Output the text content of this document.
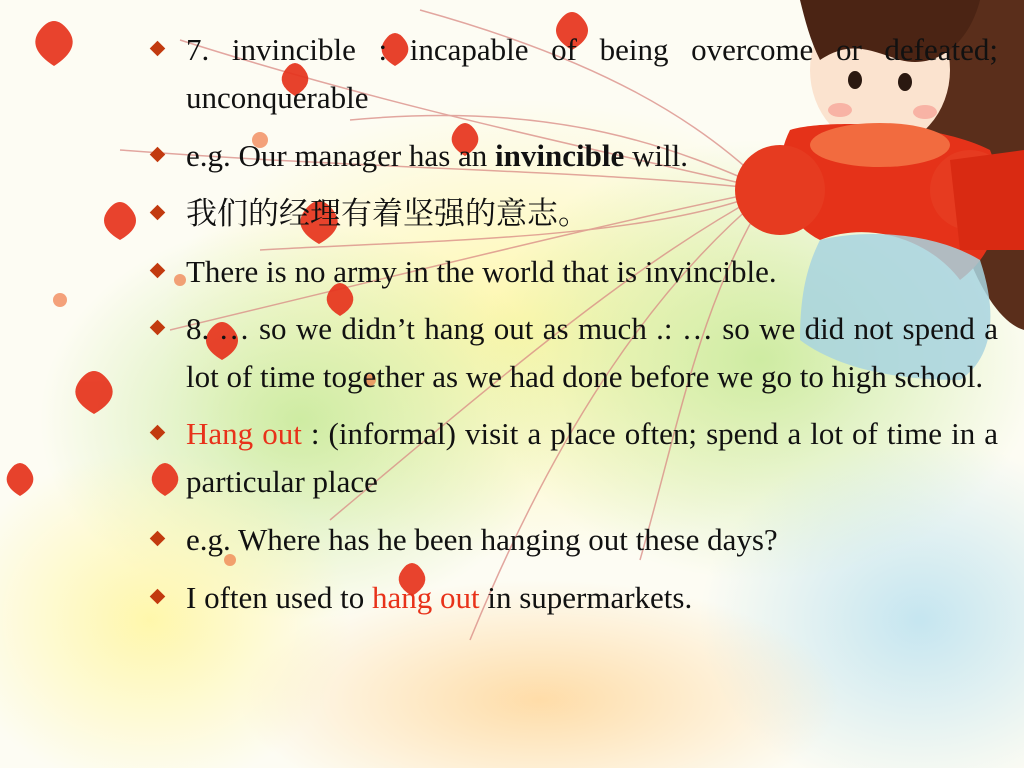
7. invincible : incapable of being overcome or defeated; unconquerable
e.g. Our manager has an invincible will.
我们的经理有着坚强的意志。
There is no army in the world that is invincible.
8. … so we didn’t hang out as much .: … so we did not spend a lot of time together as we had done before we go to high school.
Hang out : (informal) visit a place often; spend a lot of time in a particular place
e.g. Where has he been hanging out these days?
I often used to hang out in supermarkets.
